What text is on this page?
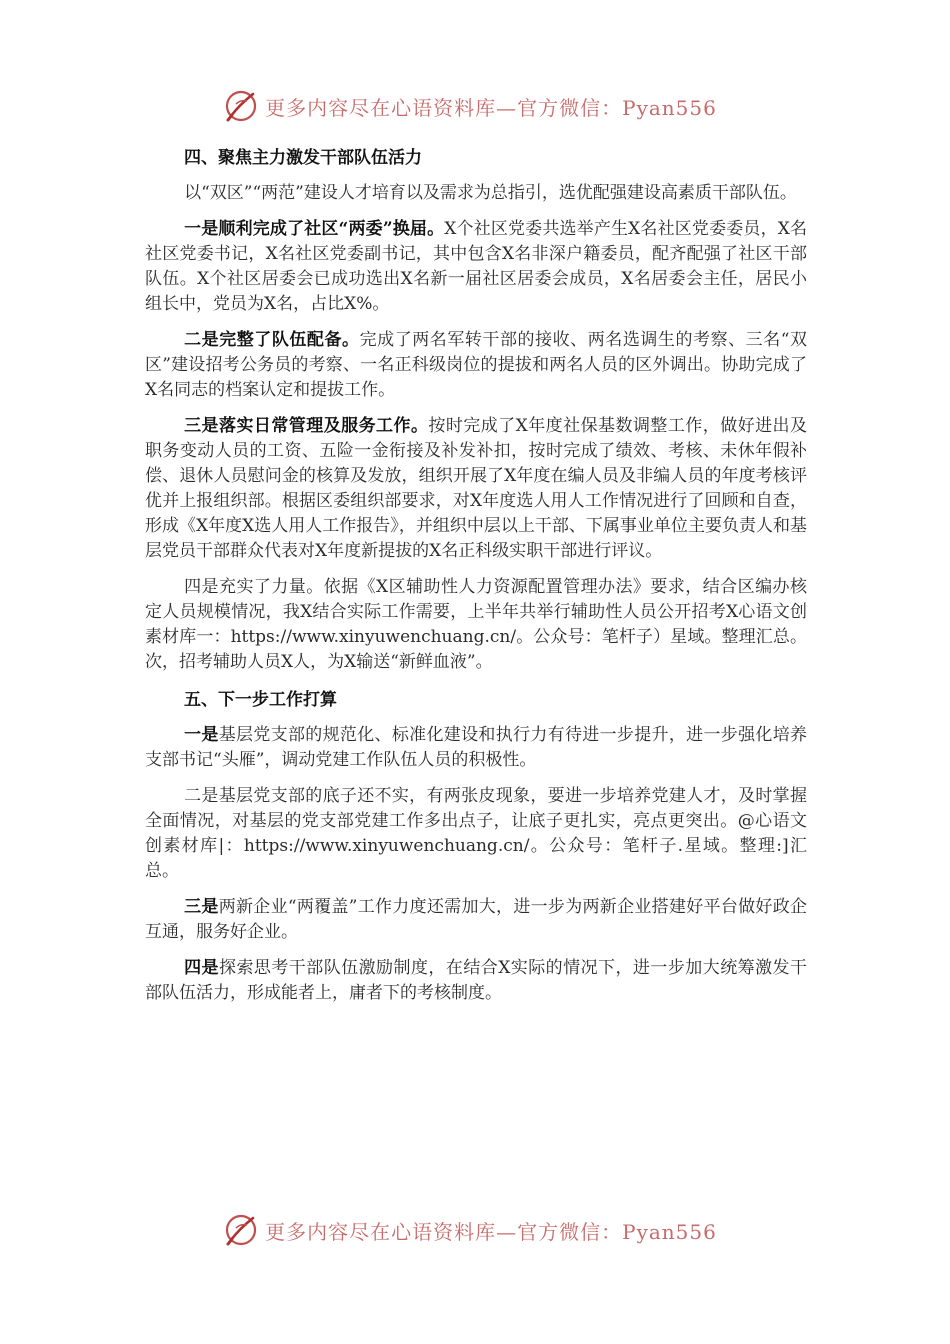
更多内容尽在心语资料库—官方微信：Pyan556
四、聚焦主力激发干部队伍活力

以“双区”“两范”建设人才培育以及需求为总指引，选优配强建设高素质干部队伍。

一是顺利完成了社区“两委”换届。X个社区党委共选举产生X名社区党委委员，X名社区党委书记，X名社区党委副书记，其中包含X名非深户籍委员，配齐配强了社区干部队伍。X个社区居委会已成功选出X名新一届社区居委会成员，X名居委会主任，居民小组长中，党员为X名，占比X%。

二是完整了队伍配备。完成了两名军转干部的接收、两名选调生的考察、三名“双区”建设招考公务员的考察、一名正科级岗位的提拔和两名人员的区外调出。协助完成了X名同志的档案认定和提拔工作。

三是落实日常管理及服务工作。按时完成了X年度社保基数调整工作，做好进出及职务变动人员的工资、五险一金衔接及补发补扣，按时完成了绩效、考核、未休年假补偿、退休人员慰问金的核算及发放，组织开展了X年度在编人员及非编人员的年度考核评优并上报组织部。根据区委组织部要求，对X年度选人用人工作情况进行了回顾和自查，形成《X年度X选人用人工作报告》，并组织中层以上干部、下属事业单位主要负责人和基层党员干部群众代表对X年度新提拔的X名正科级实职干部进行评议。

四是充实了力量。依据《X区辅助性人力资源配置管理办法》要求，结合区编办核定人员规模情况，我X结合实际工作需要，上半年共举行辅助性人员公开招考X心语文创素材库一：https://www.xinyuwenchuang.cn/。公众号：笔杆子）星域。整理汇总。次，招考辅助人员X人，为X输送“新鲜血液”。

五、下一步工作打算

一是基层党支部的规范化、标准化建设和执行力有待进一步提升，进一步强化培养支部书记“头雁”，调动党建工作队伍人员的积极性。

二是基层党支部的底子还不实，有两张皮现象，要进一步培养党建人才，及时掌握全面情况，对基层的党支部党建工作多出点子，让底子更扎实，亮点更突出。@心语文创素材库|：https://www.xinyuwenchuang.cn/。公众号：笔杆子.星域。整理:]汇总。

三是两新企业“两覆盖”工作力度还需加大，进一步为两新企业搭建好平台做好政企互通，服务好企业。

四是探索思考干部队伍激励制度，在结合X实际的情况下，进一步加大统筹激发干部队伍活力，形成能者上，庸者下的考核制度。

更多内容尽在心语资料库—官方微信：Pyan556
